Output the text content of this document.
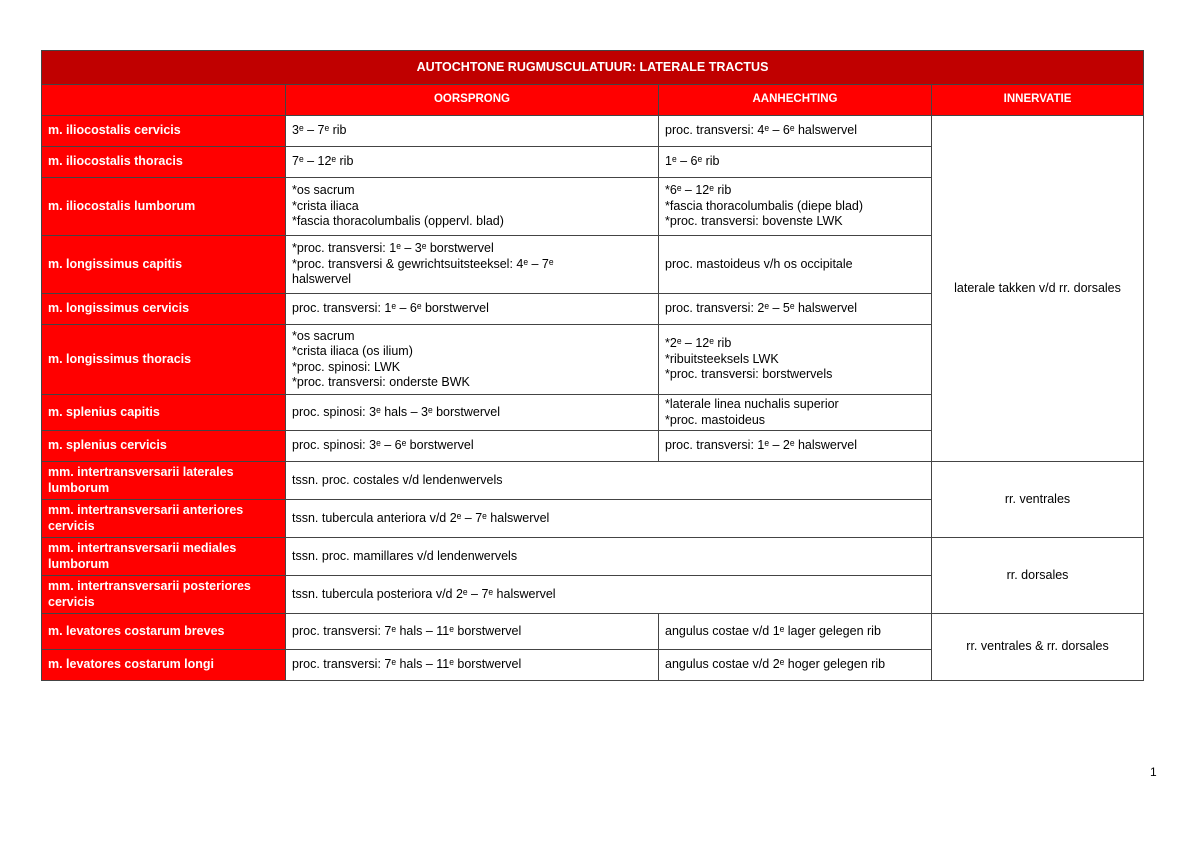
AUTOCHTONE RUGMUSCULATUUR: LATERALE TRACTUS			
	OORSPRONG	AANHECHTING	INNERVATIE
m. iliocostalis cervicis	3ᵉ – 7ᵉ rib	proc. transversi: 4ᵉ – 6ᵉ halswervel	laterale takken v/d rr. dorsales
m. iliocostalis thoracis	7ᵉ – 12ᵉ rib	1ᵉ – 6ᵉ rib	

m. iliocostalis lumborum	*os sacrum
*crista iliaca
*fascia thoracolumbalis (oppervl. blad)	*6ᵉ – 12ᵉ rib
*fascia thoracolumbalis (diepe blad)
*proc. transversi: bovenste LWK	

m. longissimus capitis	*proc. transversi: 1ᵉ – 3ᵉ borstwervel
*proc. transversi & gewrichtsuitsteeksel: 4ᵉ – 7ᵉ
halswervel	proc. mastoideus v/h os occipitale	

m. longissimus cervicis	proc. transversi: 1ᵉ – 6ᵉ borstwervel	proc. transversi: 2ᵉ – 5ᵉ halswervel	

m. longissimus thoracis	*os sacrum
*crista iliaca (os ilium)
*proc. spinosi: LWK
*proc. transversi: onderste BWK	*2ᵉ – 12ᵉ rib
*ribuitsteeksels LWK
*proc. transversi: borstwervels	

m. splenius capitis	proc. spinosi: 3ᵉ hals – 3ᵉ borstwervel	*laterale linea nuchalis superior
*proc. mastoideus	

m. splenius cervicis	proc. spinosi: 3ᵉ – 6ᵉ borstwervel	proc. transversi: 1ᵉ – 2ᵉ halswervel	

mm. intertransversarii laterales lumborum	tssn. proc. costales v/d lendenwervels		rr. ventrales
mm. intertransversarii anteriores cervicis	tssn. tubercula anteriora v/d 2ᵉ – 7ᵉ halswervel		
mm. intertransversarii mediales lumborum	tssn. proc. mamillares v/d lendenwervels		rr. dorsales
mm. intertransversarii posteriores cervicis	tssn. tubercula posteriora v/d 2ᵉ – 7ᵉ halswervel		
m. levatores costarum breves	proc. transversi: 7ᵉ hals – 11ᵉ borstwervel	angulus costae v/d 1ᵉ lager gelegen rib	rr. ventrales & rr. dorsales
m. levatores costarum longi	proc. transversi: 7ᵉ hals – 11ᵉ borstwervel	angulus costae v/d 2ᵉ hoger gelegen rib	
1
